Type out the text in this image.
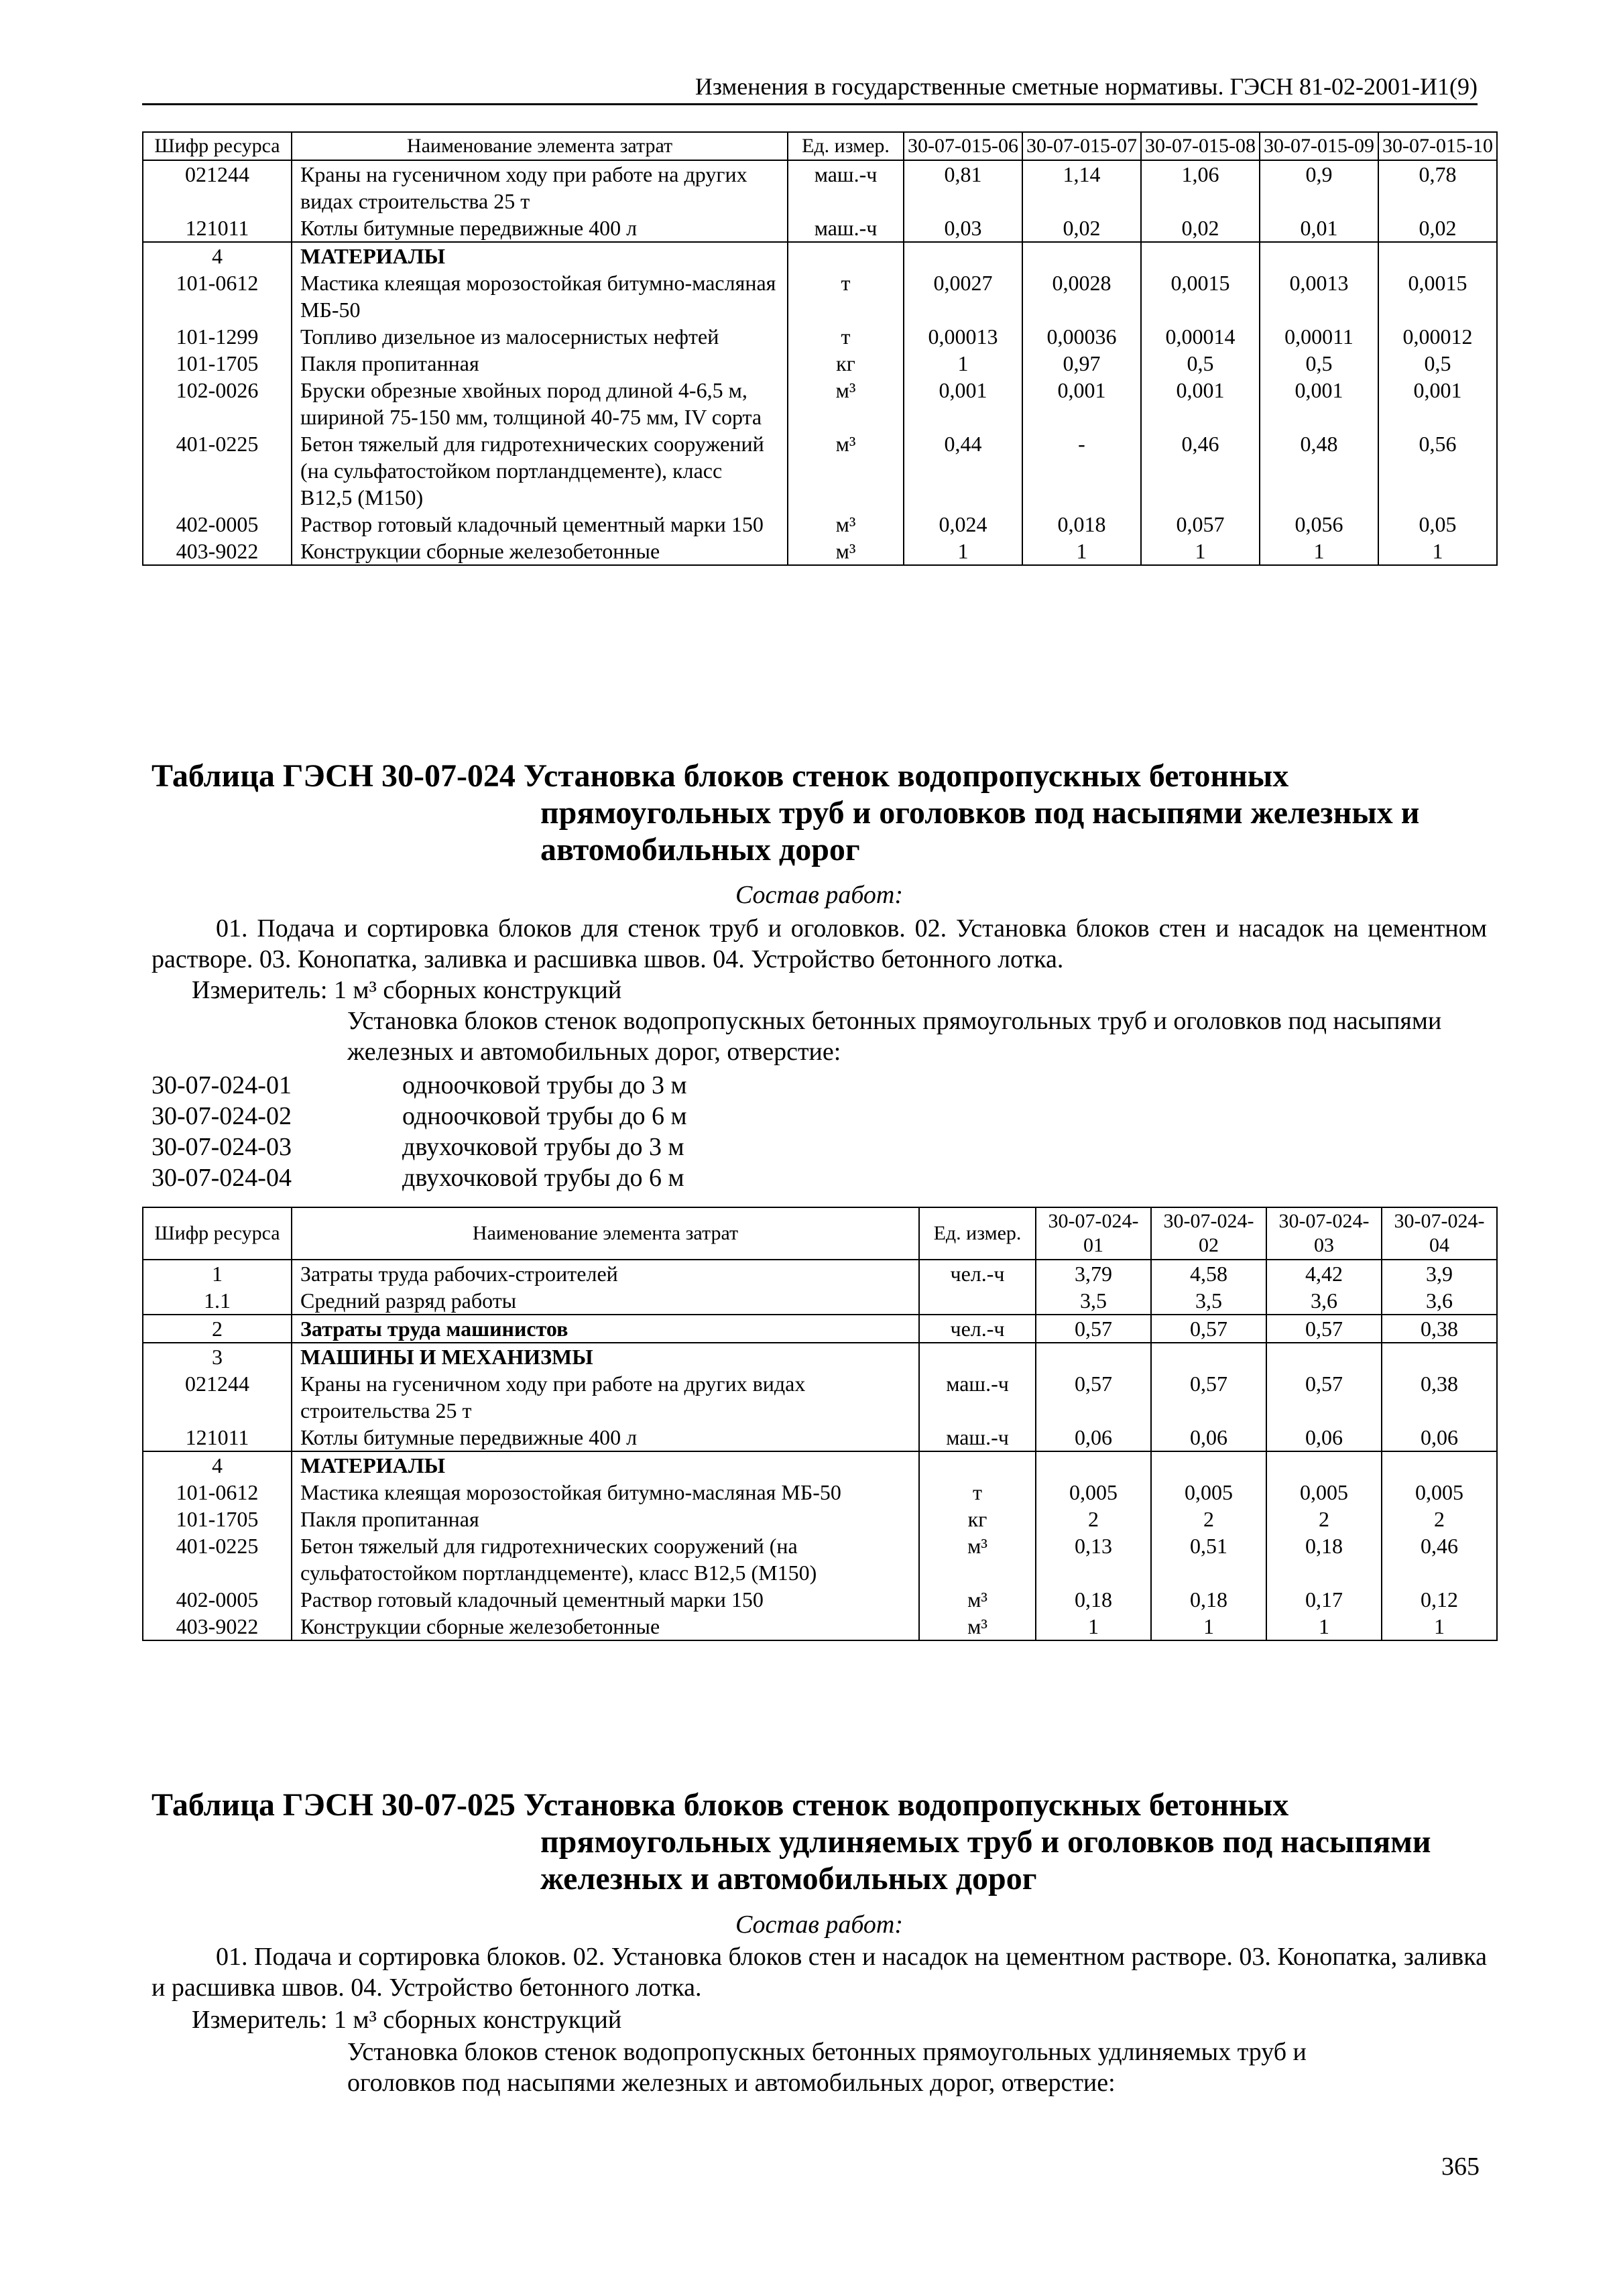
Изменения в государственные сметные нормативы. ГЭСН 81-02-2001-И1(9)
Шифр ресурса	Наименование элемента затрат	Ед. измер.	30-07-015-06	30-07-015-07	30-07-015-08	30-07-015-09	30-07-015-10
021244	Краны на гусеничном ходу при работе на других видах строительства 25 т	маш.-ч	0,81	1,14	1,06	0,9	0,78
121011	Котлы битумные передвижные 400 л	маш.-ч	0,03	0,02	0,02	0,01	0,02
4	МАТЕРИАЛЫ						
101-0612	Мастика клеящая морозостойкая битумно-масляная МБ-50	т	0,0027	0,0028	0,0015	0,0013	0,0015
101-1299	Топливо дизельное из малосернистых нефтей	т	0,00013	0,00036	0,00014	0,00011	0,00012
101-1705	Пакля пропитанная	кг	1	0,97	0,5	0,5	0,5
102-0026	Бруски обрезные хвойных пород длиной 4-6,5 м, шириной 75-150 мм, толщиной 40-75 мм, IV сорта	м³	0,001	0,001	0,001	0,001	0,001
401-0225	Бетон тяжелый для гидротехнических сооружений (на сульфатостойком портландцементе), класс В12,5 (М150)	м³	0,44	-	0,46	0,48	0,56
402-0005	Раствор готовый кладочный цементный марки 150	м³	0,024	0,018	0,057	0,056	0,05
403-9022	Конструкции сборные железобетонные	м³	1	1	1	1	1
Таблица ГЭСН 30-07-024 Установка блоков стенок водопропускных бетонных
прямоугольных труб и оголовков под насыпями железных и
автомобильных дорог
Состав работ:
01. Подача и сортировка блоков для стенок труб и оголовков. 02. Установка блоков стен и насадок на цементном растворе. 03. Конопатка, заливка и расшивка швов. 04. Устройство бетонного лотка.
Измеритель: 1 м³ сборных конструкций
Установка блоков стенок водопропускных бетонных прямоугольных труб и оголовков под насыпями железных и автомобильных дорог, отверстие:
30-07-024-01	одноочковой трубы до 3 м
30-07-024-02	одноочковой трубы до 6 м
30-07-024-03	двухочковой трубы до 3 м
30-07-024-04	двухочковой трубы до 6 м
Шифр ресурса	Наименование элемента затрат	Ед. измер.	30-07-024-01	30-07-024-02	30-07-024-03	30-07-024-04
1	Затраты труда рабочих-строителей	чел.-ч	3,79	4,58	4,42	3,9
1.1	Средний разряд работы		3,5	3,5	3,6	3,6
2	Затраты труда машинистов	чел.-ч	0,57	0,57	0,57	0,38
3	МАШИНЫ И МЕХАНИЗМЫ					
021244	Краны на гусеничном ходу при работе на других видах строительства 25 т	маш.-ч	0,57	0,57	0,57	0,38
121011	Котлы битумные передвижные 400 л	маш.-ч	0,06	0,06	0,06	0,06
4	МАТЕРИАЛЫ					
101-0612	Мастика клеящая морозостойкая битумно-масляная МБ-50	т	0,005	0,005	0,005	0,005
101-1705	Пакля пропитанная	кг	2	2	2	2
401-0225	Бетон тяжелый для гидротехнических сооружений (на сульфатостойком портландцементе), класс В12,5 (М150)	м³	0,13	0,51	0,18	0,46
402-0005	Раствор готовый кладочный цементный марки 150	м³	0,18	0,18	0,17	0,12
403-9022	Конструкции сборные железобетонные	м³	1	1	1	1
Таблица ГЭСН 30-07-025 Установка блоков стенок водопропускных бетонных
прямоугольных удлиняемых труб и оголовков под насыпями
железных и автомобильных дорог
Состав работ:
01. Подача и сортировка блоков. 02. Установка блоков стен и насадок на цементном растворе. 03. Конопатка, заливка и расшивка швов. 04. Устройство бетонного лотка.
Измеритель: 1 м³ сборных конструкций
Установка блоков стенок водопропускных бетонных прямоугольных удлиняемых труб и оголовков под насыпями железных и автомобильных дорог, отверстие:
365
